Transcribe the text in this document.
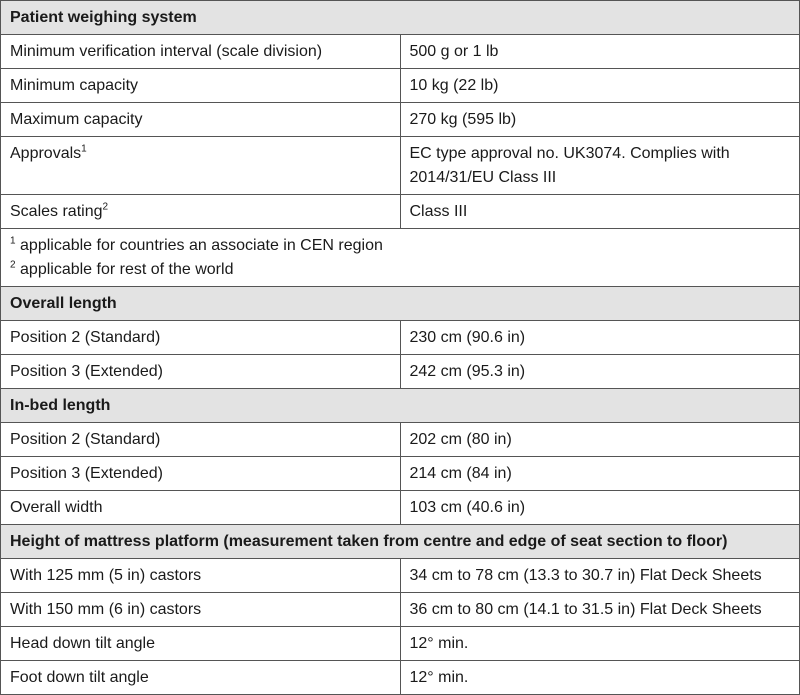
Patient weighing system	
Minimum verification interval (scale division)	500 g or 1 lb
Minimum capacity	10 kg (22 lb)
Maximum capacity	270 kg (595 lb)
Approvals$^1$	EC type approval no. UK3074. Complies with 2014/31/EU Class III
Scales rating$^2$	Class III

$^1$ applicable for countries an associate in CEN region
$^2$ applicable for rest of the world	

Overall length	
Position 2 (Standard)	230 cm (90.6 in)
Position 3 (Extended)	242 cm (95.3 in)
In-bed length	
Position 2 (Standard)	202 cm (80 in)
Position 3 (Extended)	214 cm (84 in)
Overall width	103 cm (40.6 in)
Height of mattress platform (measurement taken from centre and edge of seat section to floor)	
With 125 mm (5 in) castors	34 cm to 78 cm (13.3 to 30.7 in) Flat Deck Sheets
With 150 mm (6 in) castors	36 cm to 80 cm (14.1 to 31.5 in) Flat Deck Sheets
Head down tilt angle	12° min.
Foot down tilt angle	12° min.
